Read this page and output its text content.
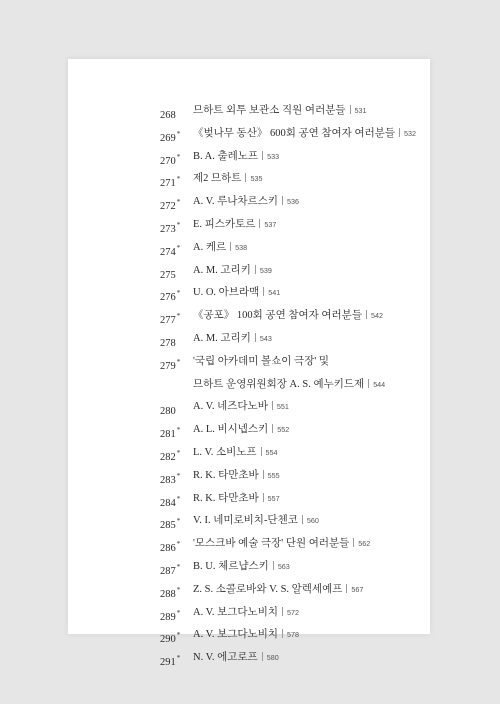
268 므하트 외투 보관소 직원 여러분들 531
269* 《벚나무 동산》 600회 공연 참여자 여러분들 532
270* B. A. 출레노프 533
271* 제2 므하트 535
272* A. V. 루나차르스키 536
273* E. 피스카토르 537
274* A. 케르 538
275 A. M. 고리키 539
276* U. O. 아브라맥 541
277* 《공포》 100회 공연 참여자 여러분들 542
278 A. M. 고리키 543
279* '국립 아카데미 볼쇼이 극장' 및
므하트 운영위원회장 A. S. 예누키드제 544
280 A. V. 네즈다노바 551
281* A. L. 비시넵스키 552
282* L. V. 소비노프 554
283* R. K. 타만초바 555
284* R. K. 타만초바 557
285* V. I. 네미로비치-단첸코 560
286* '모스크바 예술 극장' 단원 여러분들 562
287* B. U. 체르냡스키 563
288* Z. S. 소콜로바와 V. S. 알렉세예프 567
289* A. V. 보그다노비치 572
290* A. V. 보그다노비치 578
291* N. V. 에고로프 580
